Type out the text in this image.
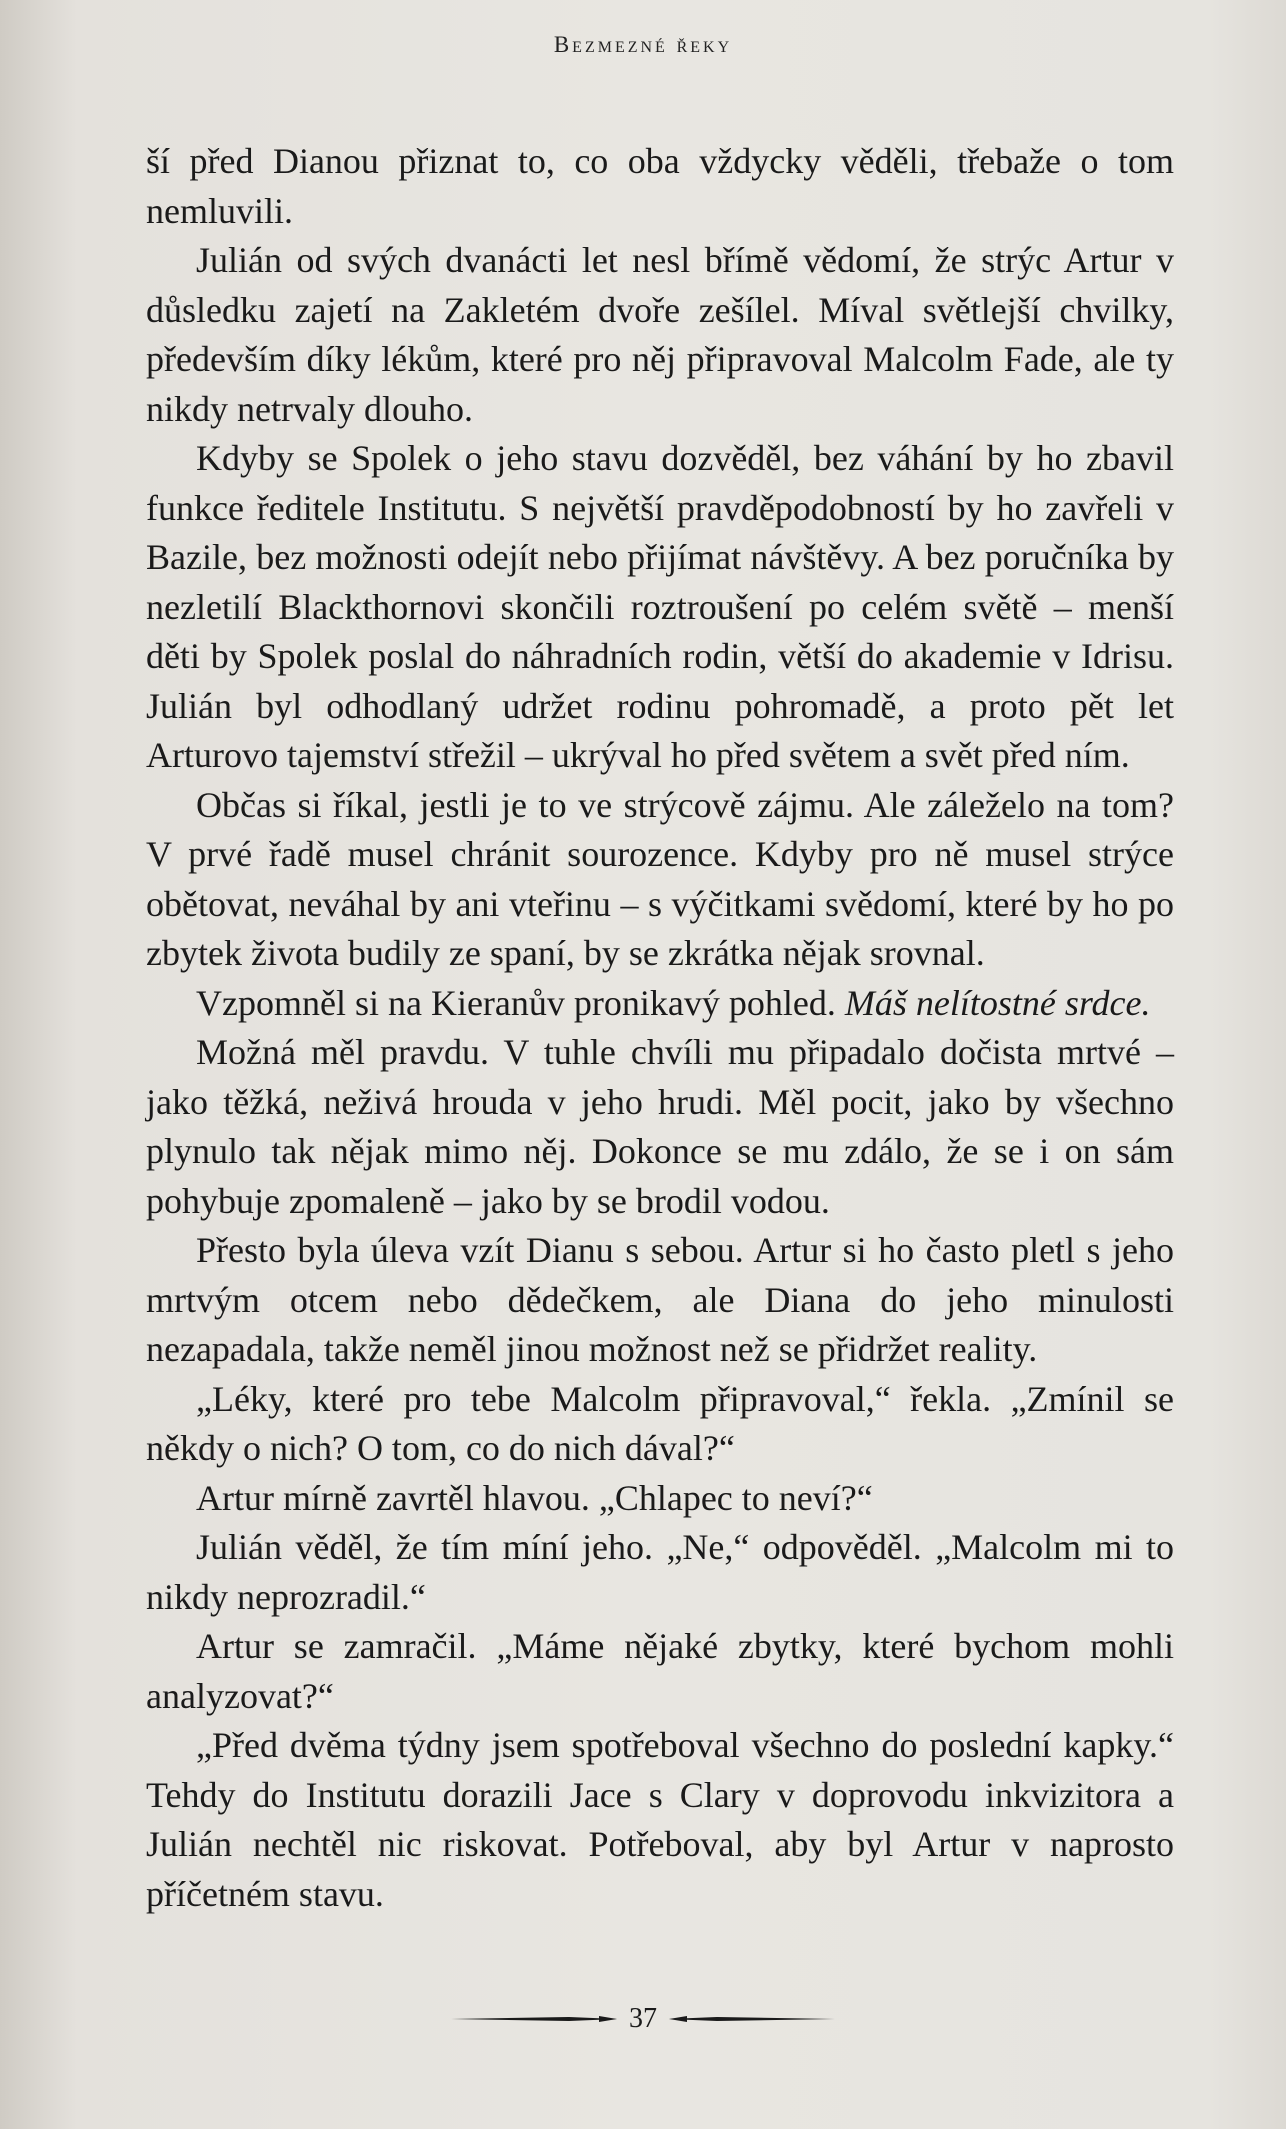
Bezmezné řeky

ší před Dianou přiznat to, co oba vždycky věděli, třebaže o tom nemluvili.

Julián od svých dvanácti let nesl břímě vědomí, že strýc Artur v důsledku zajetí na Zakletém dvoře zešílel. Míval světlejší chvilky, především díky lékům, které pro něj připravoval Malcolm Fade, ale ty nikdy netrvaly dlouho.

Kdyby se Spolek o jeho stavu dozvěděl, bez váhání by ho zbavil funkce ředitele Institutu. S největší pravděpodobností by ho zavřeli v Bazile, bez možnosti odejít nebo přijímat návštěvy. A bez poručníka by nezletilí Blackthornovi skončili roztroušení po celém světě – menší děti by Spolek poslal do náhradních rodin, větší do akademie v Idrisu. Julián byl odhodlaný udržet rodinu pohromadě, a proto pět let Arturovo tajemství střežil – ukrýval ho před světem a svět před ním.

Občas si říkal, jestli je to ve strýcově zájmu. Ale záleželo na tom? V prvé řadě musel chránit sourozence. Kdyby pro ně musel strýce obětovat, neváhal by ani vteřinu – s výčitkami svědomí, které by ho po zbytek života budily ze spaní, by se zkrátka nějak srovnal.

Vzpomněl si na Kieranův pronikavý pohled. Máš nelítostné srdce.

Možná měl pravdu. V tuhle chvíli mu připadalo dočista mrtvé – jako těžká, neživá hrouda v jeho hrudi. Měl pocit, jako by všechno plynulo tak nějak mimo něj. Dokonce se mu zdálo, že se i on sám pohybuje zpomaleně – jako by se brodil vodou.

Přesto byla úleva vzít Dianu s sebou. Artur si ho často pletl s jeho mrtvým otcem nebo dědečkem, ale Diana do jeho minulosti nezapadala, takže neměl jinou možnost než se přidržet reality.

„Léky, které pro tebe Malcolm připravoval,“ řekla. „Zmínil se někdy o nich? O tom, co do nich dával?“

Artur mírně zavrtěl hlavou. „Chlapec to neví?“

Julián věděl, že tím míní jeho. „Ne,“ odpověděl. „Malcolm mi to nikdy neprozradil.“

Artur se zamračil. „Máme nějaké zbytky, které bychom mohli analyzovat?“

„Před dvěma týdny jsem spotřeboval všechno do poslední kapky.“ Tehdy do Institutu dorazili Jace s Clary v doprovodu inkvizitora a Julián nechtěl nic riskovat. Potřeboval, aby byl Artur v naprosto příčetném stavu.

37
